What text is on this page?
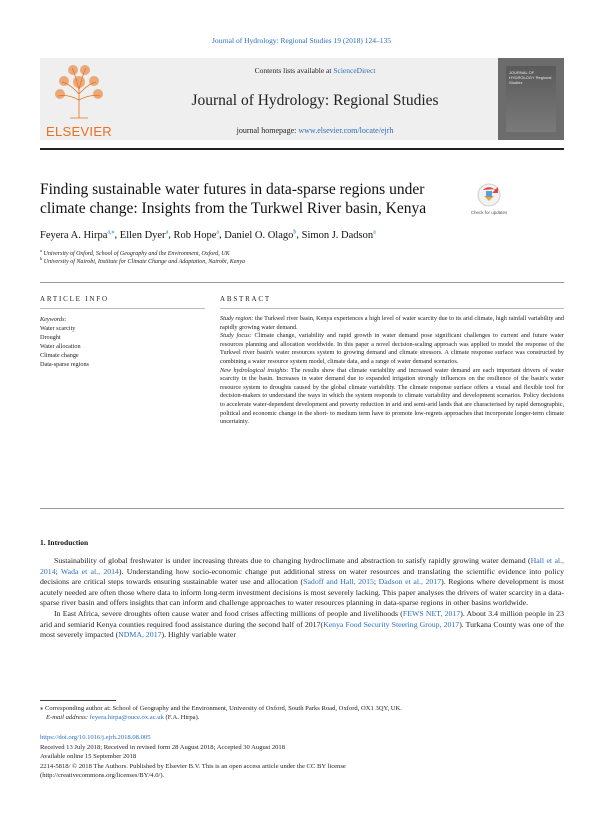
Journal of Hydrology: Regional Studies 19 (2018) 124–135
ELSEVIER
Contents lists available at ScienceDirect
Journal of Hydrology: Regional Studies
journal homepage: www.elsevier.com/locate/ejrh
JOURNAL OF HYDROLOGY Regional Studies
Finding sustainable water futures in data-sparse regions under climate change: Insights from the Turkwel River basin, Kenya	Check for updates
Feyera A. Hirpa$^{a,⁎}$, Ellen Dyer$^a$, Rob Hope$^a$, Daniel O. Olago$^b$, Simon J. Dadson$^a$
$^a$ University of Oxford, School of Geography and the Environment, Oxford, UK
$^b$ University of Nairobi, Institute for Climate Change and Adaptation, Nairobi, Kenya
ARTICLE INFO	ABSTRACT
Keywords:
Water scarcity
Drought
Water allocation
Climate change
Data-sparse regions

Study region: the Turkwel river basin, Kenya experiences a high level of water scarcity due to its arid climate, high rainfall variability and rapidly growing water demand.

Study focus: Climate change, variability and rapid growth in water demand pose significant challenges to current and future water resources planning and allocation worldwide. In this paper a novel decision-scaling approach was applied to model the response of the Turkwel river basin's water resources system to growing demand and climate stressors. A climate response surface was constructed by combining a water resource system model, climate data, and a range of water demand scenarios.

New hydrological insights: The results show that climate variability and increased water demand are each important drivers of water scarcity in the basin. Increases in water demand due to expanded irrigation strongly influences on the resilience of the basin's water resource system to droughts caused by the global climate variability. The climate response surface offers a visual and flexible tool for decision-makers to understand the ways in which the system responds to climate variability and development scenarios. Policy decisions to accelerate water-dependent development and poverty reduction in arid and semi-arid lands that are characterised by rapid demographic, political and economic change in the short- to medium term have to promote low-regrets approaches that incorporate longer-term climate uncertainty.

1. Introduction

Sustainability of global freshwater is under increasing threats due to changing hydroclimate and abstraction to satisfy rapidly growing water demand (Hall et al., 2014; Wada et al., 2014). Understanding how socio-economic change put additional stress on water resources and translating the scientific evidence into policy decisions are critical steps towards ensuring sustainable water use and allocation (Sadoff and Hall, 2015; Dadson et al., 2017). Regions where development is most acutely needed are often those where data to inform long-term investment decisions is most severely lacking. This paper analyses the drivers of water scarcity in a data-sparse river basin and offers insights that can inform and challenge approaches to water resources planning in data-sparse regions in other basins worldwide.

In East Africa, severe droughts often cause water and food crises affecting millions of people and livelihoods (FEWS NET, 2017). About 3.4 million people in 23 arid and semiarid Kenya counties required food assistance during the second half of 2017(Kenya Food Security Steering Group, 2017). Turkana County was one of the most severely impacted (NDMA, 2017). Highly variable water

⁎ Corresponding author at: School of Geography and the Environment, University of Oxford, South Parks Road, Oxford, OX1 3QY, UK.
E-mail address: feyera.hirpa@ouce.ox.ac.uk (F.A. Hirpa).
https://doi.org/10.1016/j.ejrh.2018.08.005
Received 13 July 2018; Received in revised form 28 August 2018; Accepted 30 August 2018
Available online 15 September 2018
2214-5818/ © 2018 The Authors. Published by Elsevier B.V. This is an open access article under the CC BY license
(http://creativecommons.org/licenses/BY/4.0/).
